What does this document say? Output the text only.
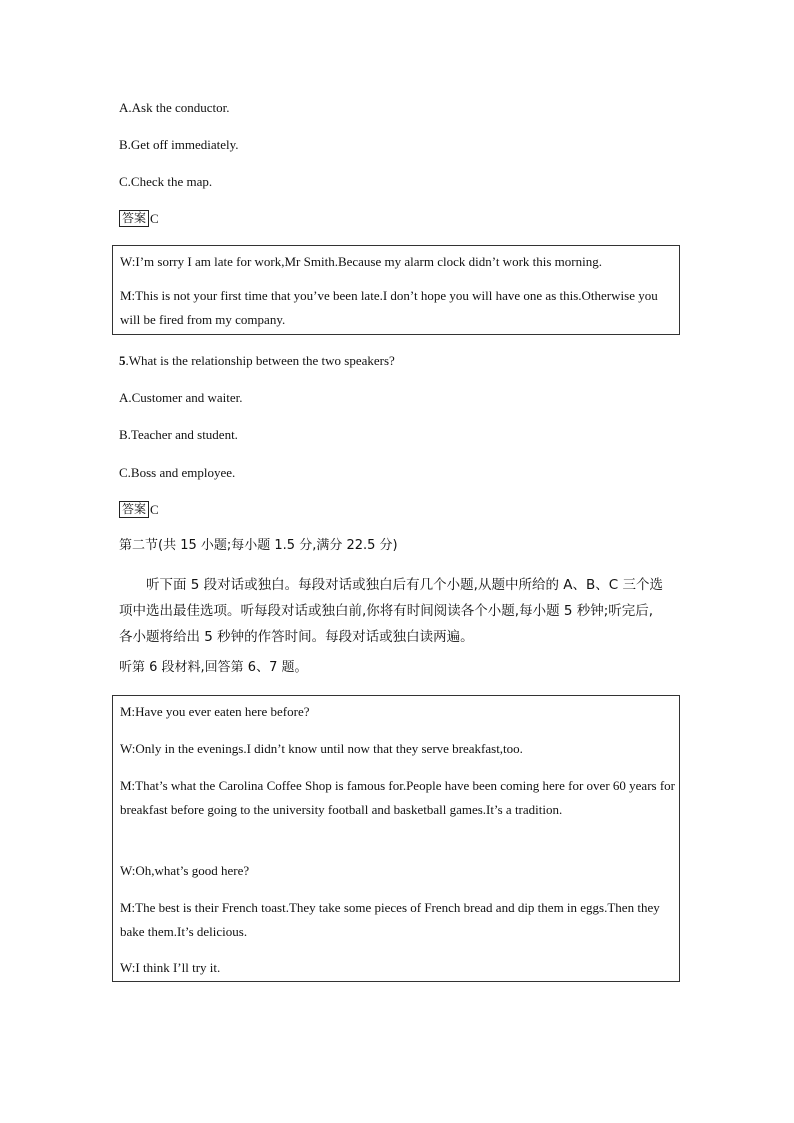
A.Ask the conductor.
B.Get off immediately.
C.Check the map.
答案 C
W:I’m sorry I am late for work,Mr Smith.Because my alarm clock didn’t work this morning.
M:This is not your first time that you’ve been late.I don’t hope you will have one as this.Otherwise you will be fired from my company.
5.What is the relationship between the two speakers?
A.Customer and waiter.
B.Teacher and student.
C.Boss and employee.
答案 C
第二节(共 15 小题;每小题 1.5 分,满分 22.5 分)
听下面 5 段对话或独白。每段对话或独白后有几个小题,从题中所给的 A、B、C 三个选项中选出最佳选项。听每段对话或独白前,你将有时间阅读各个小题,每小题 5 秒钟;听完后,各小题将给出 5 秒钟的作答时间。每段对话或独白读两遍。
听第 6 段材料,回答第 6、7 题。
M:Have you ever eaten here before?
W:Only in the evenings.I didn’t know until now that they serve breakfast,too.
M:That’s what the Carolina Coffee Shop is famous for.People have been coming here for over 60 years for breakfast before going to the university football and basketball games.It’s a tradition.
W:Oh,what’s good here?
M:The best is their French toast.They take some pieces of French bread and dip them in eggs.Then they bake them.It’s delicious.
W:I think I’ll try it.
